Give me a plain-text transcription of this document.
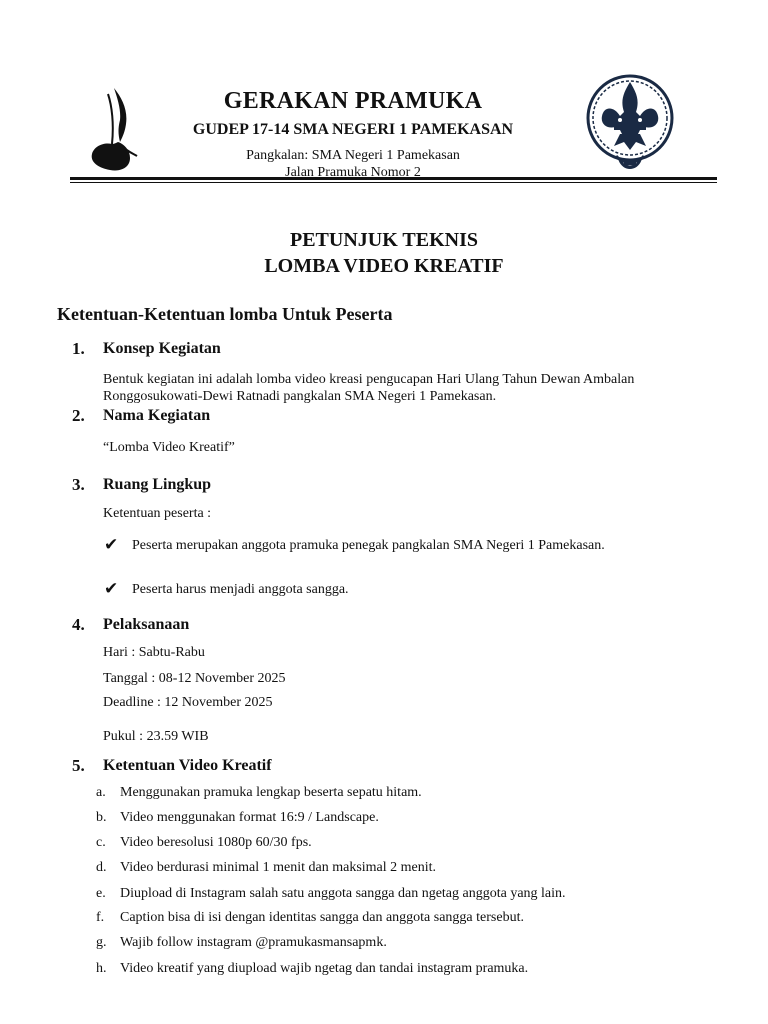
GERAKAN PRAMUKA
GUDEP 17-14 SMA NEGERI 1 PAMEKASAN
Pangkalan: SMA Negeri 1 Pamekasan
Jalan Pramuka Nomor 2
PETUNJUK TEKNIS
LOMBA VIDEO KREATIF
Ketentuan-Ketentuan lomba Untuk Peserta
1.	Konsep Kegiatan
Bentuk kegiatan ini adalah lomba video kreasi pengucapan Hari Ulang Tahun Dewan Ambalan
Ronggosukowati-Dewi Ratnadi pangkalan SMA Negeri 1 Pamekasan.
2.	Nama Kegiatan
“Lomba Video Kreatif”
3.	Ruang Lingkup
Ketentuan peserta :
✔ Peserta merupakan anggota pramuka penegak pangkalan SMA Negeri 1 Pamekasan.
✔ Peserta harus menjadi anggota sangga.
4.	Pelaksanaan
Hari : Sabtu-Rabu
Tanggal : 08-12 November 2025
Deadline : 12 November 2025
Pukul : 23.59 WIB
5.	Ketentuan Video Kreatif
a. Menggunakan pramuka lengkap beserta sepatu hitam.
b. Video menggunakan format 16:9 / Landscape.
c. Video beresolusi 1080p 60/30 fps.
d. Video berdurasi minimal 1 menit dan maksimal 2 menit.
e. Diupload di Instagram salah satu anggota sangga dan ngetag anggota yang lain.
f. Caption bisa di isi dengan identitas sangga dan anggota sangga tersebut.
g. Wajib follow instagram @pramukasmansapmk.
h. Video kreatif yang diupload wajib ngetag dan tandai instagram pramuka.
